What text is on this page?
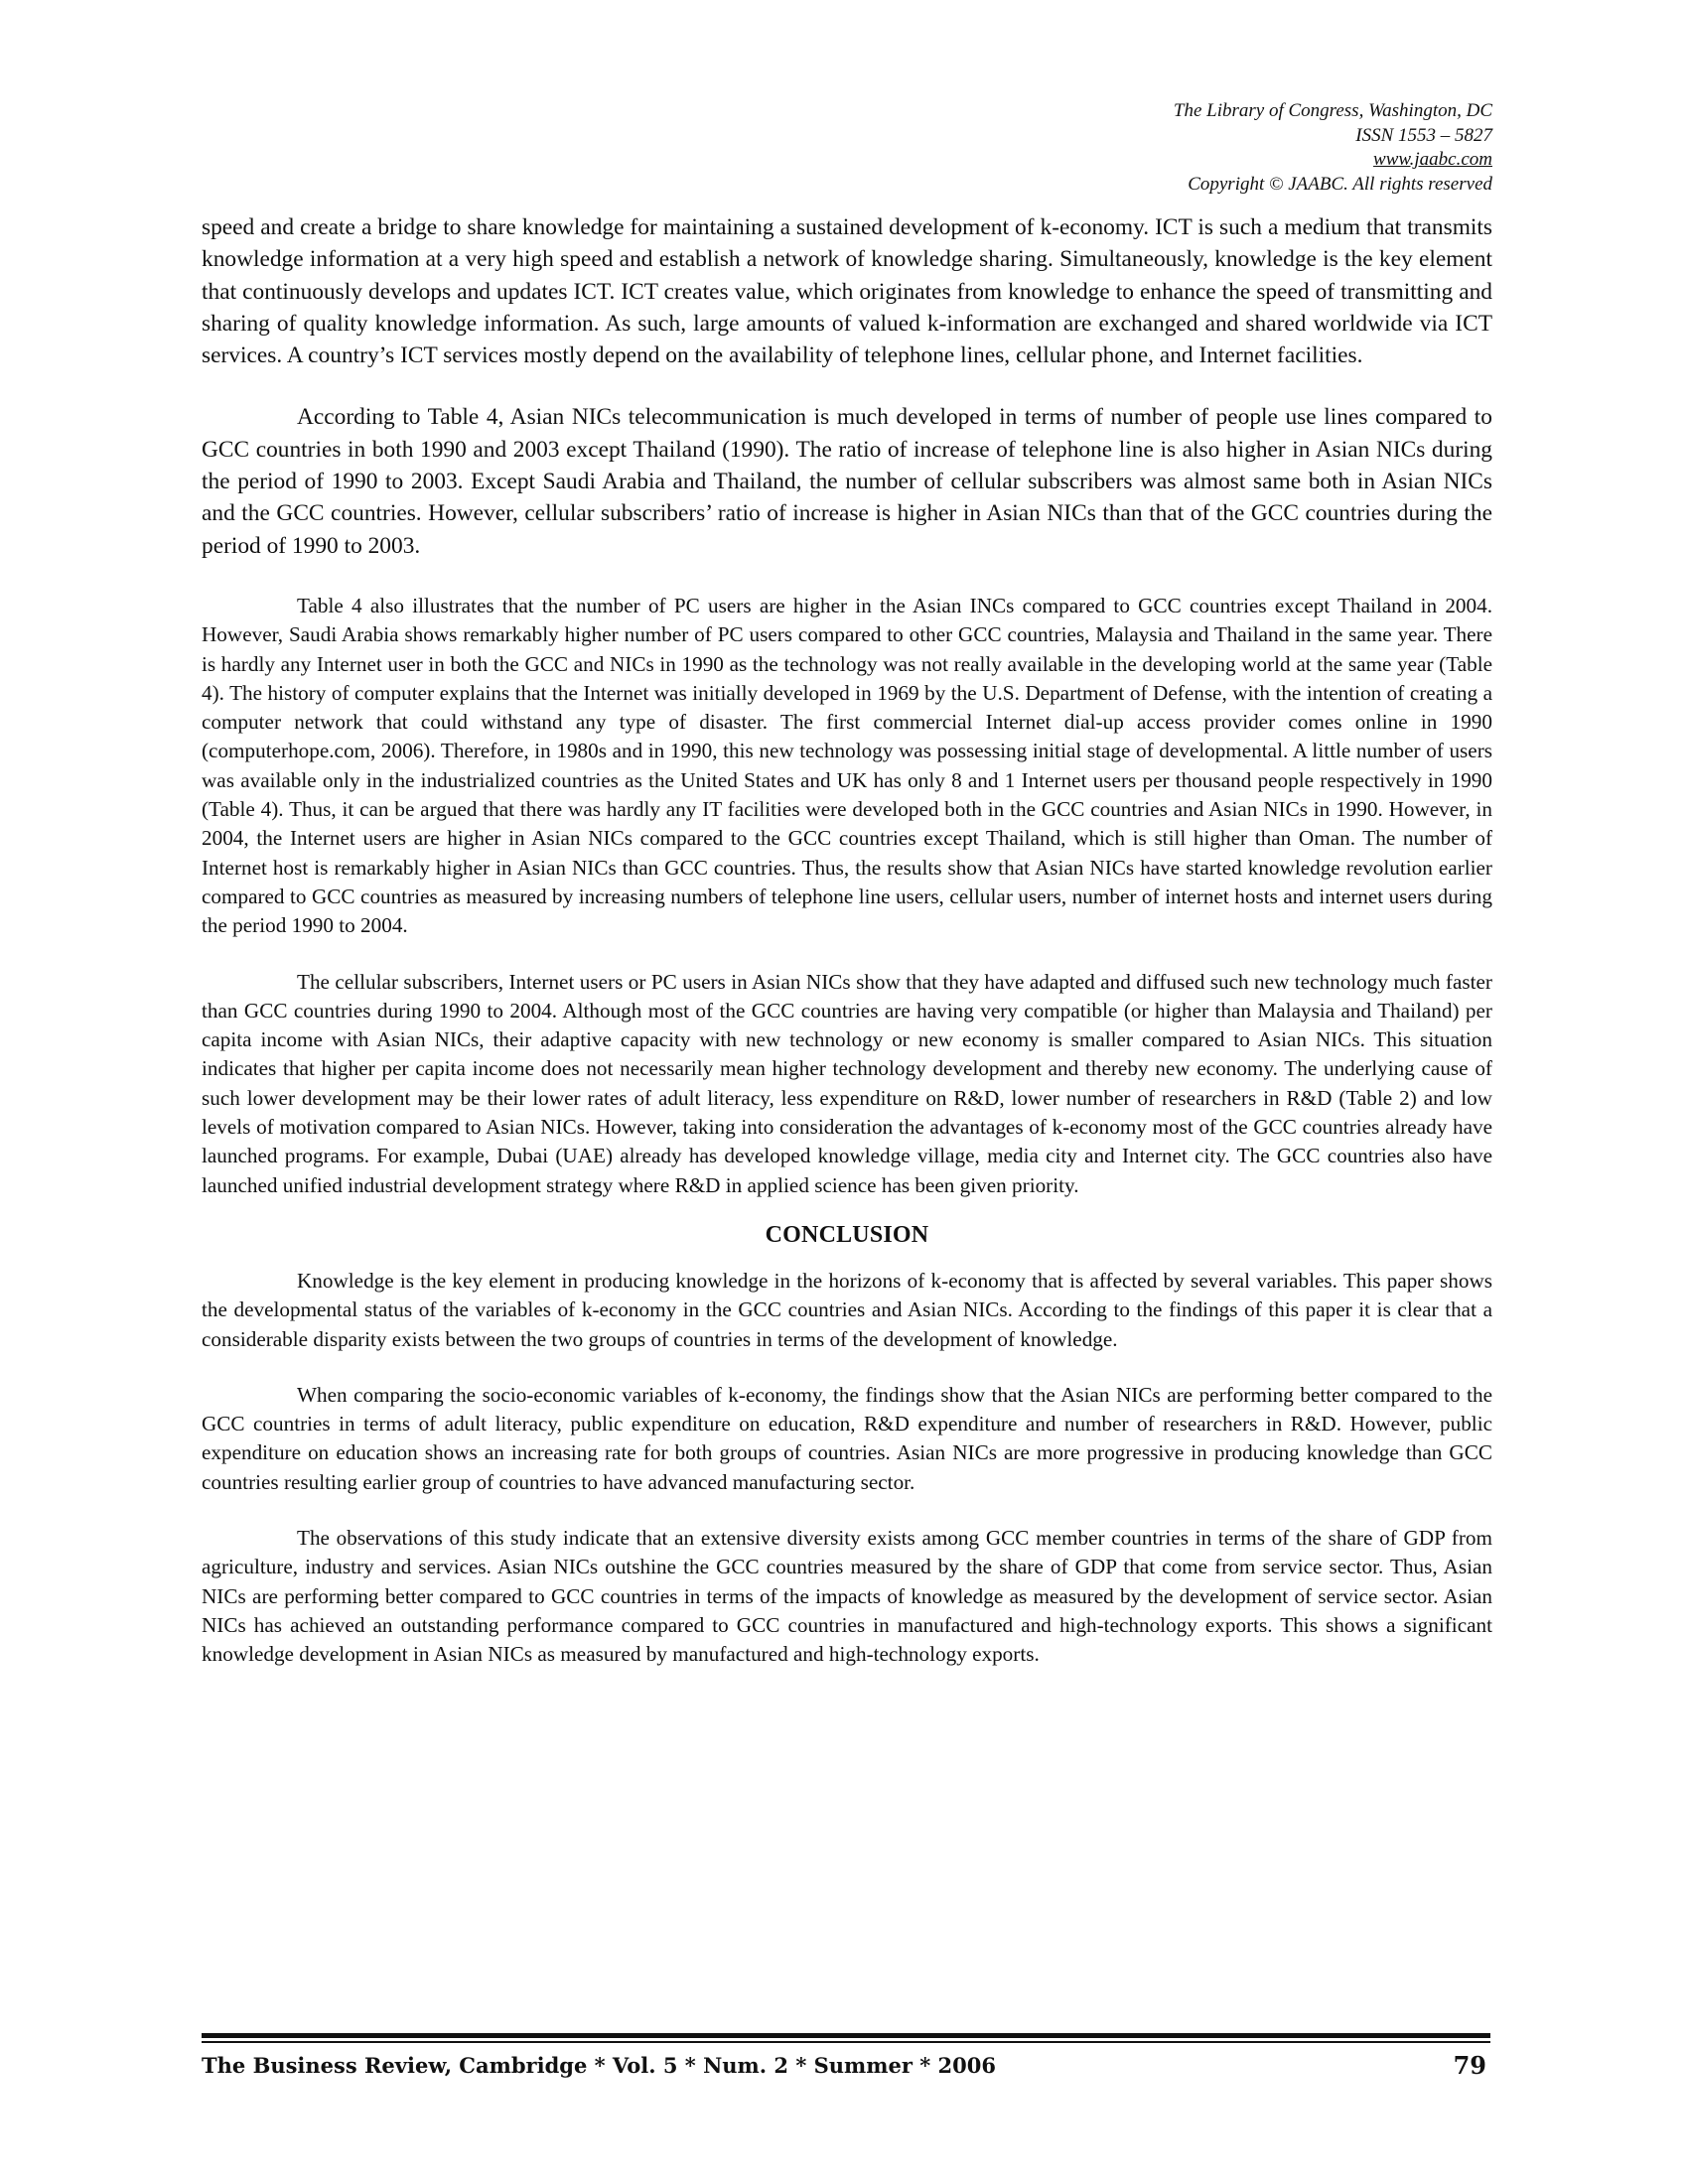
The Library of Congress, Washington, DC
ISSN 1553 – 5827
www.jaabc.com
Copyright © JAABC. All rights reserved

speed and create a bridge to share knowledge for maintaining a sustained development of k-economy. ICT is such a medium that transmits knowledge information at a very high speed and establish a network of knowledge sharing. Simultaneously, knowledge is the key element that continuously develops and updates ICT. ICT creates value, which originates from knowledge to enhance the speed of transmitting and sharing of quality knowledge information. As such, large amounts of valued k-information are exchanged and shared worldwide via ICT services. A country’s ICT services mostly depend on the availability of telephone lines, cellular phone, and Internet facilities.

According to Table 4, Asian NICs telecommunication is much developed in terms of number of people use lines compared to GCC countries in both 1990 and 2003 except Thailand (1990). The ratio of increase of telephone line is also higher in Asian NICs during the period of 1990 to 2003. Except Saudi Arabia and Thailand, the number of cellular subscribers was almost same both in Asian NICs and the GCC countries. However, cellular subscribers’ ratio of increase is higher in Asian NICs than that of the GCC countries during the period of 1990 to 2003.

Table 4 also illustrates that the number of PC users are higher in the Asian INCs compared to GCC countries except Thailand in 2004. However, Saudi Arabia shows remarkably higher number of PC users compared to other GCC countries, Malaysia and Thailand in the same year. There is hardly any Internet user in both the GCC and NICs in 1990 as the technology was not really available in the developing world at the same year (Table 4). The history of computer explains that the Internet was initially developed in 1969 by the U.S. Department of Defense, with the intention of creating a computer network that could withstand any type of disaster. The first commercial Internet dial-up access provider comes online in 1990 (computerhope.com, 2006). Therefore, in 1980s and in 1990, this new technology was possessing initial stage of developmental. A little number of users was available only in the industrialized countries as the United States and UK has only 8 and 1 Internet users per thousand people respectively in 1990 (Table 4). Thus, it can be argued that there was hardly any IT facilities were developed both in the GCC countries and Asian NICs in 1990. However, in 2004, the Internet users are higher in Asian NICs compared to the GCC countries except Thailand, which is still higher than Oman. The number of Internet host is remarkably higher in Asian NICs than GCC countries. Thus, the results show that Asian NICs have started knowledge revolution earlier compared to GCC countries as measured by increasing numbers of telephone line users, cellular users, number of internet hosts and internet users during the period 1990 to 2004.

The cellular subscribers, Internet users or PC users in Asian NICs show that they have adapted and diffused such new technology much faster than GCC countries during 1990 to 2004. Although most of the GCC countries are having very compatible (or higher than Malaysia and Thailand) per capita income with Asian NICs, their adaptive capacity with new technology or new economy is smaller compared to Asian NICs. This situation indicates that higher per capita income does not necessarily mean higher technology development and thereby new economy. The underlying cause of such lower development may be their lower rates of adult literacy, less expenditure on R&D, lower number of researchers in R&D (Table 2) and low levels of motivation compared to Asian NICs. However, taking into consideration the advantages of k-economy most of the GCC countries already have launched programs. For example, Dubai (UAE) already has developed knowledge village, media city and Internet city. The GCC countries also have launched unified industrial development strategy where R&D in applied science has been given priority.

CONCLUSION

Knowledge is the key element in producing knowledge in the horizons of k-economy that is affected by several variables. This paper shows the developmental status of the variables of k-economy in the GCC countries and Asian NICs. According to the findings of this paper it is clear that a considerable disparity exists between the two groups of countries in terms of the development of knowledge.

When comparing the socio-economic variables of k-economy, the findings show that the Asian NICs are performing better compared to the GCC countries in terms of adult literacy, public expenditure on education, R&D expenditure and number of researchers in R&D. However, public expenditure on education shows an increasing rate for both groups of countries. Asian NICs are more progressive in producing knowledge than GCC countries resulting earlier group of countries to have advanced manufacturing sector.

The observations of this study indicate that an extensive diversity exists among GCC member countries in terms of the share of GDP from agriculture, industry and services. Asian NICs outshine the GCC countries measured by the share of GDP that come from service sector. Thus, Asian NICs are performing better compared to GCC countries in terms of the impacts of knowledge as measured by the development of service sector. Asian NICs has achieved an outstanding performance compared to GCC countries in manufactured and high-technology exports. This shows a significant knowledge development in Asian NICs as measured by manufactured and high-technology exports.

The Business Review, Cambridge * Vol. 5 * Num. 2 * Summer * 2006	79
